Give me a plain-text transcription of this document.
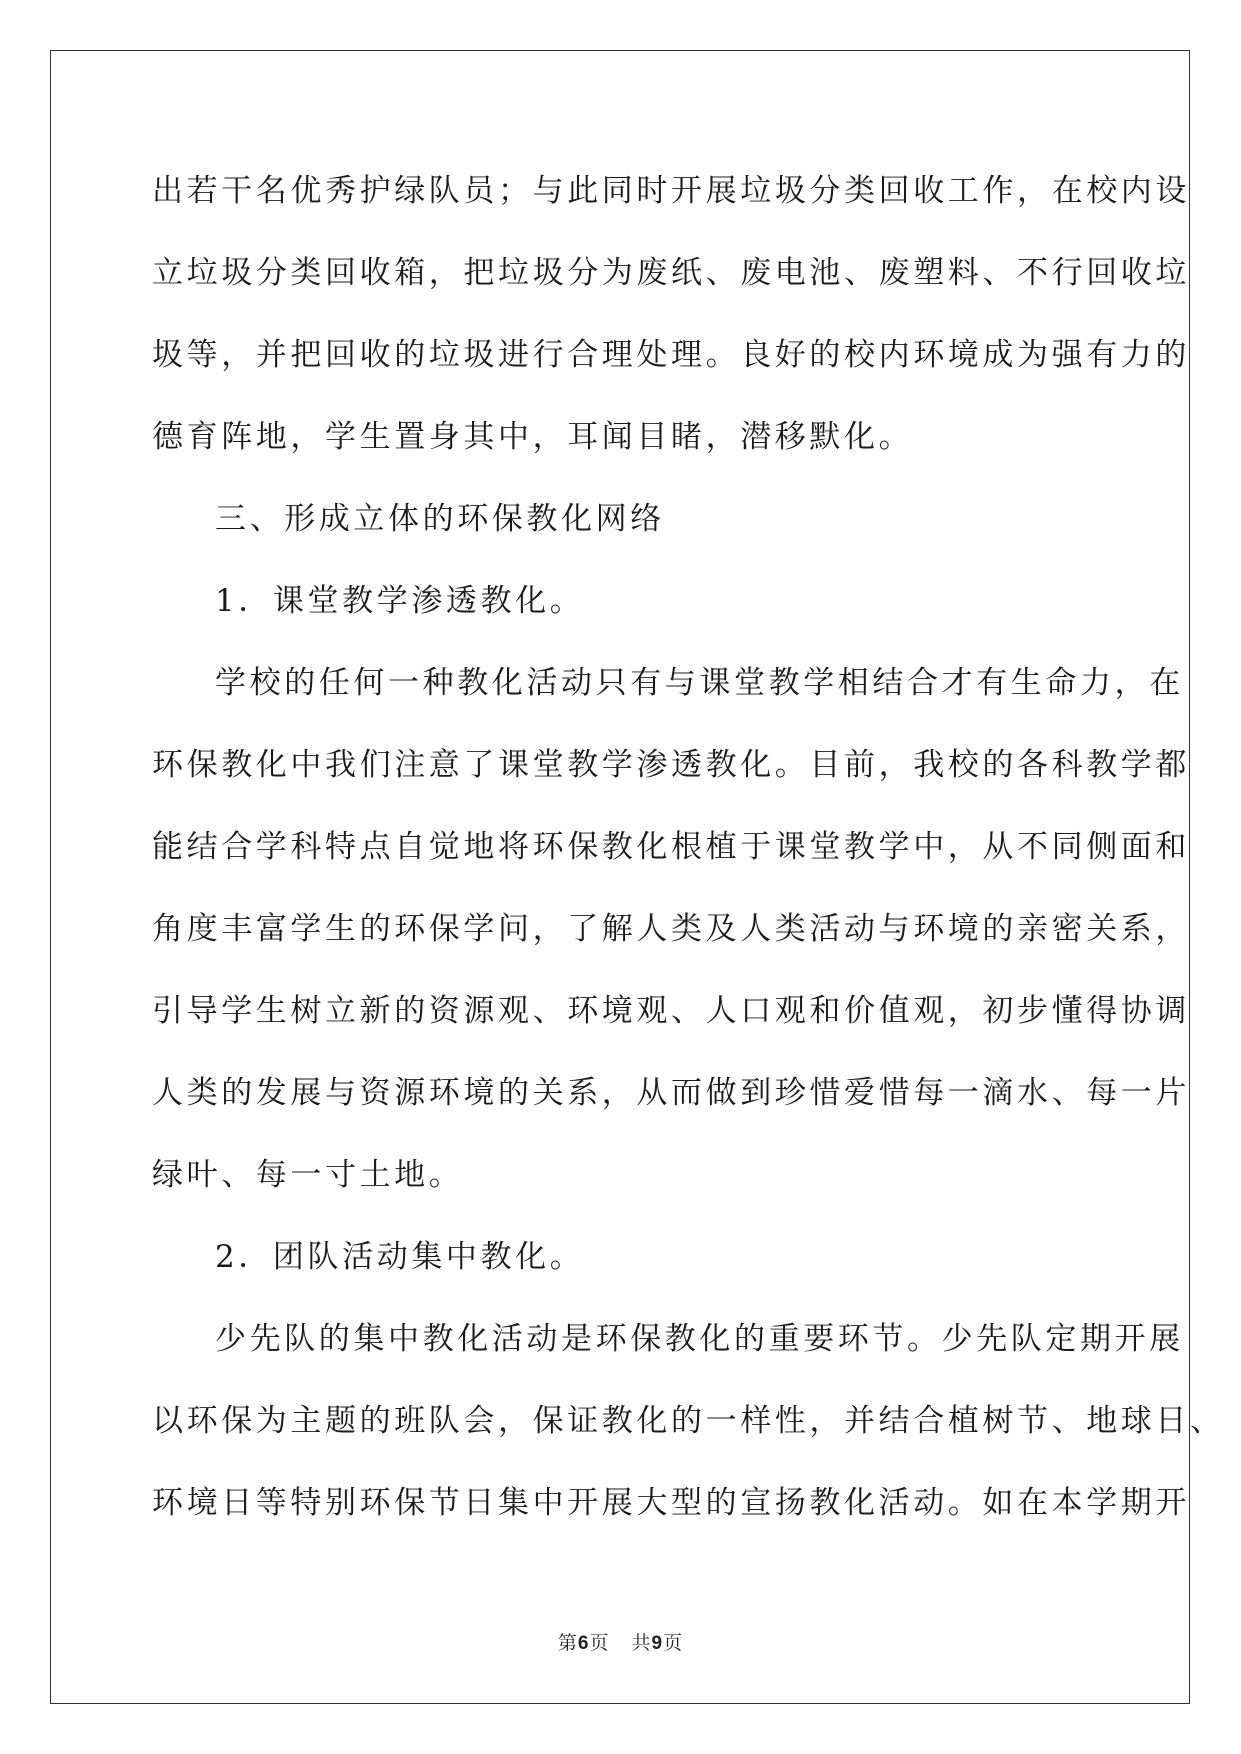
出若干名优秀护绿队员；与此同时开展垃圾分类回收工作，在校内设
立垃圾分类回收箱，把垃圾分为废纸、废电池、废塑料、不行回收垃
圾等，并把回收的垃圾进行合理处理。良好的校内环境成为强有力的
德育阵地，学生置身其中，耳闻目睹，潜移默化。
三、形成立体的环保教化网络
1．课堂教学渗透教化。
学校的任何一种教化活动只有与课堂教学相结合才有生命力，在
环保教化中我们注意了课堂教学渗透教化。目前，我校的各科教学都
能结合学科特点自觉地将环保教化根植于课堂教学中，从不同侧面和
角度丰富学生的环保学问，了解人类及人类活动与环境的亲密关系，
引导学生树立新的资源观、环境观、人口观和价值观，初步懂得协调
人类的发展与资源环境的关系，从而做到珍惜爱惜每一滴水、每一片
绿叶、每一寸土地。
2．团队活动集中教化。
少先队的集中教化活动是环保教化的重要环节。少先队定期开展
以环保为主题的班队会，保证教化的一样性，并结合植树节、地球日、
环境日等特别环保节日集中开展大型的宣扬教化活动。如在本学期开
第6页 共9页
